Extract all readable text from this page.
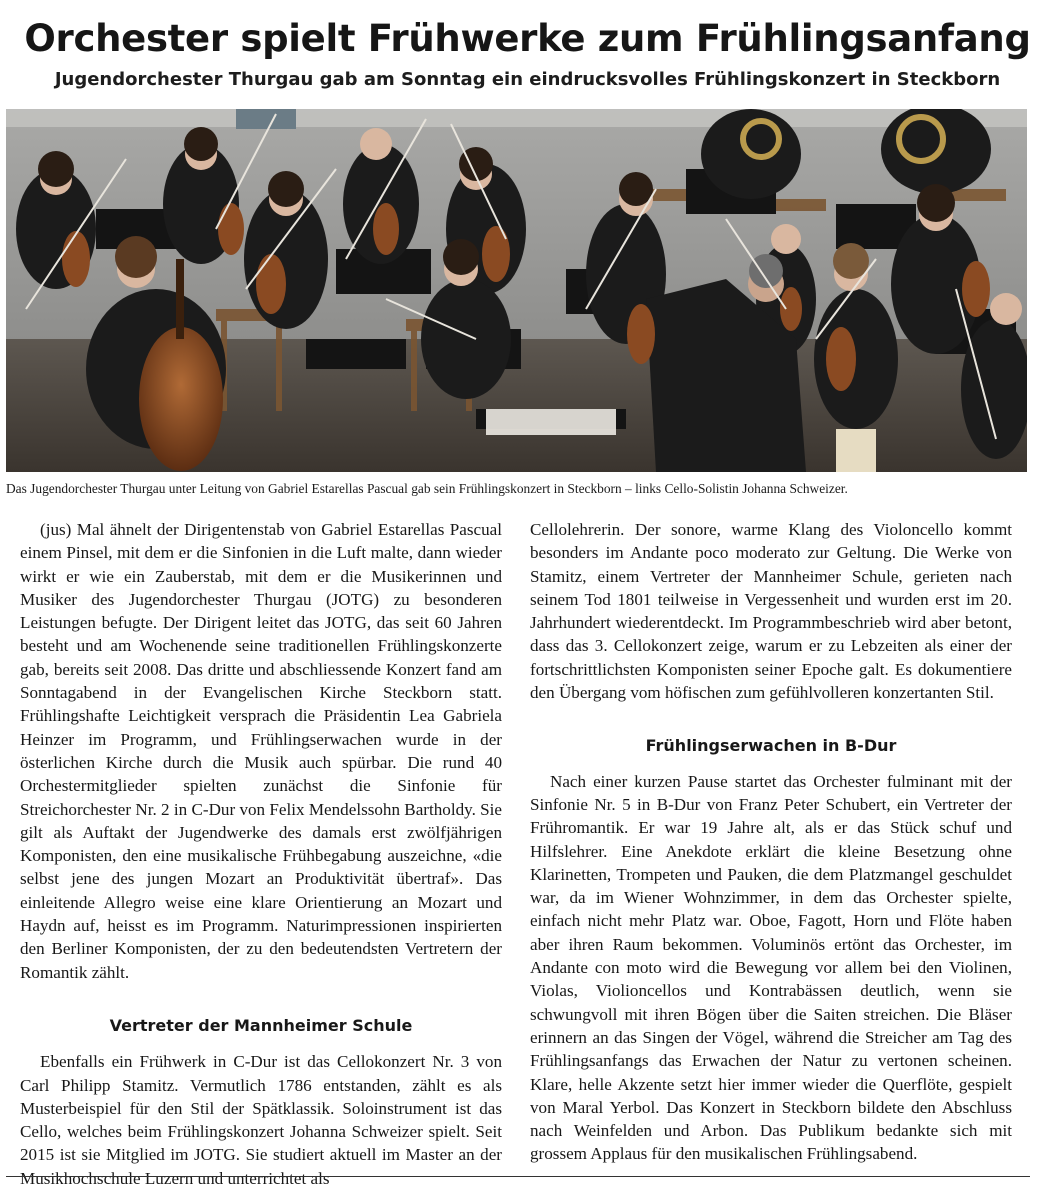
Orchester spielt Frühwerke zum Frühlingsanfang
Jugendorchester Thurgau gab am Sonntag ein eindrucksvolles Frühlingskonzert in Steckborn
Das Jugendorchester Thurgau unter Leitung von Gabriel Estarellas Pascual gab sein Frühlingskonzert in Steckborn – links Cello-Solistin Johanna Schweizer.

(jus) Mal ähnelt der Dirigentenstab von Gabriel Estarellas Pascual einem Pinsel, mit dem er die Sinfonien in die Luft malte, dann wieder wirkt er wie ein Zauberstab, mit dem er die Musikerinnen und Musiker des Jugendorchester Thurgau (JOTG) zu besonderen Leistungen befugte. Der Dirigent leitet das JOTG, das seit 60 Jahren besteht und am Wochenende seine traditionellen Frühlingskonzerte gab, bereits seit 2008. Das dritte und abschliessende Konzert fand am Sonntagabend in der Evangelischen Kirche Steckborn statt. Frühlingshafte Leichtigkeit versprach die Präsidentin Lea Gabriela Heinzer im Programm, und Frühlingserwachen wurde in der österlichen Kirche durch die Musik auch spürbar. Die rund 40 Orchestermitglieder spielten zunächst die Sinfonie für Streichorchester Nr. 2 in C-Dur von Felix Mendelssohn Bartholdy. Sie gilt als Auftakt der Jugendwerke des damals erst zwölfjährigen Komponisten, den eine musikalische Frühbegabung auszeichne, «die selbst jene des jungen Mozart an Produktivität übertraf». Das einleitende Allegro weise eine klare Orientierung an Mozart und Haydn auf, heisst es im Programm. Naturimpressionen inspirierten den Berliner Komponisten, der zu den bedeutendsten Vertretern der Romantik zählt.

Vertreter der Mannheimer Schule

Ebenfalls ein Frühwerk in C-Dur ist das Cellokonzert Nr. 3 von Carl Philipp Stamitz. Vermutlich 1786 entstanden, zählt es als Musterbeispiel für den Stil der Spätklassik. Soloinstrument ist das Cello, welches beim Frühlingskonzert Johanna Schweizer spielt. Seit 2015 ist sie Mitglied im JOTG. Sie studiert aktuell im Master an der Musikhochschule Luzern und unterrichtet als

Cellolehrerin. Der sonore, warme Klang des Violoncello kommt besonders im Andante poco moderato zur Geltung. Die Werke von Stamitz, einem Vertreter der Mannheimer Schule, gerieten nach seinem Tod 1801 teilweise in Vergessenheit und wurden erst im 20. Jahrhundert wiederentdeckt. Im Programmbeschrieb wird aber betont, dass das 3. Cellokonzert zeige, warum er zu Lebzeiten als einer der fortschrittlichsten Komponisten seiner Epoche galt. Es dokumentiere den Übergang vom höfischen zum gefühlvolleren konzertanten Stil.

Frühlingserwachen in B-Dur

Nach einer kurzen Pause startet das Orchester fulminant mit der Sinfonie Nr. 5 in B-Dur von Franz Peter Schubert, ein Vertreter der Frühromantik. Er war 19 Jahre alt, als er das Stück schuf und Hilfslehrer. Eine Anekdote erklärt die kleine Besetzung ohne Klarinetten, Trompeten und Pauken, die dem Platzmangel geschuldet war, da im Wiener Wohnzimmer, in dem das Orchester spielte, einfach nicht mehr Platz war. Oboe, Fagott, Horn und Flöte haben aber ihren Raum bekommen. Voluminös ertönt das Orchester, im Andante con moto wird die Bewegung vor allem bei den Violinen, Violas, Violioncellos und Kontrabässen deutlich, wenn sie schwungvoll mit ihren Bögen über die Saiten streichen. Die Bläser erinnern an das Singen der Vögel, während die Streicher am Tag des Frühlingsanfangs das Erwachen der Natur zu vertonen scheinen. Klare, helle Akzente setzt hier immer wieder die Querflöte, gespielt von Maral Yerbol. Das Konzert in Steckborn bildete den Abschluss nach Weinfelden und Arbon. Das Publikum bedankte sich mit grossem Applaus für den musikalischen Frühlingsabend.
